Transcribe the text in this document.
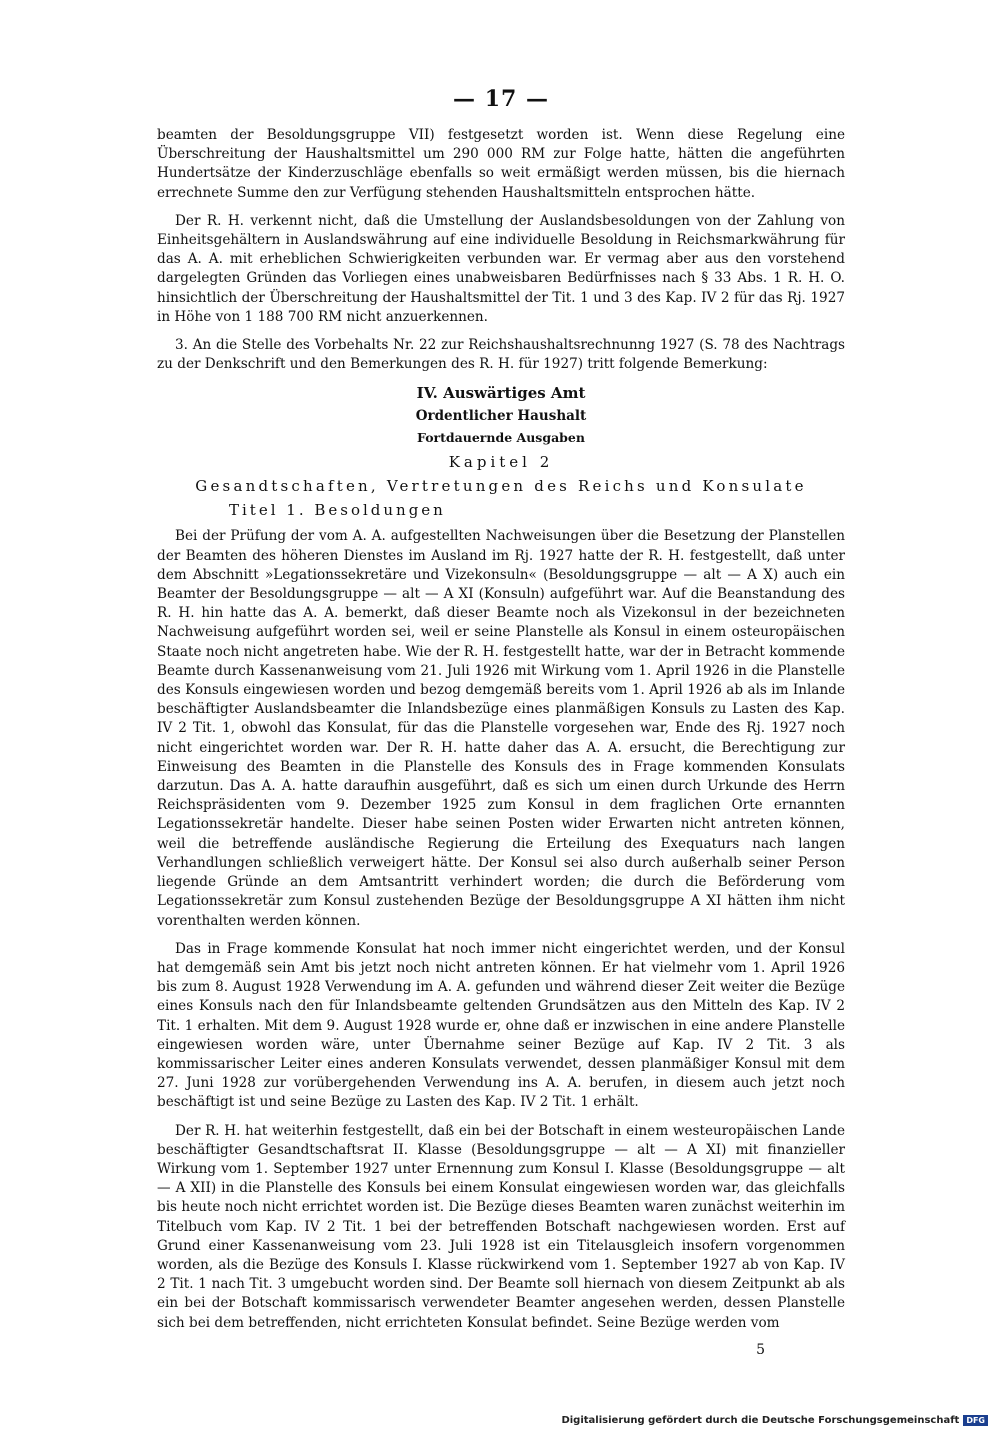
— 17 —

beamten der Besoldungsgruppe VII) festgesetzt worden ist. Wenn diese Regelung eine Überschreitung der Haushaltsmittel um 290 000 RM zur Folge hatte, hätten die angeführten Hundertsätze der Kinderzuschläge ebenfalls so weit ermäßigt werden müssen, bis die hiernach errechnete Summe den zur Verfügung stehenden Haushaltsmitteln entsprochen hätte.

Der R. H. verkennt nicht, daß die Umstellung der Auslandsbesoldungen von der Zahlung von Einheitsgehältern in Auslandswährung auf eine individuelle Besoldung in Reichsmarkwährung für das A. A. mit erheblichen Schwierigkeiten verbunden war. Er vermag aber aus den vorstehend dargelegten Gründen das Vorliegen eines unabweisbaren Bedürfnisses nach § 33 Abs. 1 R. H. O. hinsichtlich der Überschreitung der Haushaltsmittel der Tit. 1 und 3 des Kap. IV 2 für das Rj. 1927 in Höhe von 1 188 700 RM nicht anzuerkennen.

3. An die Stelle des Vorbehalts Nr. 22 zur Reichshaushaltsrechnunng 1927 (S. 78 des Nachtrags zu der Denkschrift und den Bemerkungen des R. H. für 1927) tritt folgende Bemerkung:

IV. Auswärtiges Amt
Ordentlicher Haushalt
Fortdauernde Ausgaben
Kapitel 2
Gesandtschaften, Vertretungen des Reichs und Konsulate
Titel 1. Besoldungen

Bei der Prüfung der vom A. A. aufgestellten Nachweisungen über die Besetzung der Planstellen der Beamten des höheren Dienstes im Ausland im Rj. 1927 hatte der R. H. festgestellt, daß unter dem Abschnitt »Legationssekretäre und Vizekonsuln« (Besoldungsgruppe — alt — A X) auch ein Beamter der Besoldungsgruppe — alt — A XI (Konsuln) aufgeführt war. Auf die Beanstandung des R. H. hin hatte das A. A. bemerkt, daß dieser Beamte noch als Vizekonsul in der bezeichneten Nachweisung aufgeführt worden sei, weil er seine Planstelle als Konsul in einem osteuropäischen Staate noch nicht angetreten habe. Wie der R. H. festgestellt hatte, war der in Betracht kommende Beamte durch Kassenanweisung vom 21. Juli 1926 mit Wirkung vom 1. April 1926 in die Planstelle des Konsuls eingewiesen worden und bezog demgemäß bereits vom 1. April 1926 ab als im Inlande beschäftigter Auslandsbeamter die Inlandsbezüge eines planmäßigen Konsuls zu Lasten des Kap. IV 2 Tit. 1, obwohl das Konsulat, für das die Planstelle vorgesehen war, Ende des Rj. 1927 noch nicht eingerichtet worden war. Der R. H. hatte daher das A. A. ersucht, die Berechtigung zur Einweisung des Beamten in die Planstelle des Konsuls des in Frage kommenden Konsulats darzutun. Das A. A. hatte daraufhin ausgeführt, daß es sich um einen durch Urkunde des Herrn Reichspräsidenten vom 9. Dezember 1925 zum Konsul in dem fraglichen Orte ernannten Legationssekretär handelte. Dieser habe seinen Posten wider Erwarten nicht antreten können, weil die betreffende ausländische Regierung die Erteilung des Exequaturs nach langen Verhandlungen schließlich verweigert hätte. Der Konsul sei also durch außerhalb seiner Person liegende Gründe an dem Amtsantritt verhindert worden; die durch die Beförderung vom Legationssekretär zum Konsul zustehenden Bezüge der Besoldungsgruppe A XI hätten ihm nicht vorenthalten werden können.

Das in Frage kommende Konsulat hat noch immer nicht eingerichtet werden, und der Konsul hat demgemäß sein Amt bis jetzt noch nicht antreten können. Er hat vielmehr vom 1. April 1926 bis zum 8. August 1928 Verwendung im A. A. gefunden und während dieser Zeit weiter die Bezüge eines Konsuls nach den für Inlandsbeamte geltenden Grundsätzen aus den Mitteln des Kap. IV 2 Tit. 1 erhalten. Mit dem 9. August 1928 wurde er, ohne daß er inzwischen in eine andere Planstelle eingewiesen worden wäre, unter Übernahme seiner Bezüge auf Kap. IV 2 Tit. 3 als kommissarischer Leiter eines anderen Konsulats verwendet, dessen planmäßiger Konsul mit dem 27. Juni 1928 zur vorübergehenden Verwendung ins A. A. berufen, in diesem auch jetzt noch beschäftigt ist und seine Bezüge zu Lasten des Kap. IV 2 Tit. 1 erhält.

Der R. H. hat weiterhin festgestellt, daß ein bei der Botschaft in einem westeuropäischen Lande beschäftigter Gesandtschaftsrat II. Klasse (Besoldungsgruppe — alt — A XI) mit finanzieller Wirkung vom 1. September 1927 unter Ernennung zum Konsul I. Klasse (Besoldungsgruppe — alt — A XII) in die Planstelle des Konsuls bei einem Konsulat eingewiesen worden war, das gleichfalls bis heute noch nicht errichtet worden ist. Die Bezüge dieses Beamten waren zunächst weiterhin im Titelbuch vom Kap. IV 2 Tit. 1 bei der betreffenden Botschaft nachgewiesen worden. Erst auf Grund einer Kassenanweisung vom 23. Juli 1928 ist ein Titelausgleich insofern vorgenommen worden, als die Bezüge des Konsuls I. Klasse rückwirkend vom 1. September 1927 ab von Kap. IV 2 Tit. 1 nach Tit. 3 umgebucht worden sind. Der Beamte soll hiernach von diesem Zeitpunkt ab als ein bei der Botschaft kommissarisch verwendeter Beamter angesehen werden, dessen Planstelle sich bei dem betreffenden, nicht errichteten Konsulat befindet. Seine Bezüge werden vom

5
Digitalisierung gefördert durch die Deutsche Forschungsgemeinschaft DFG
